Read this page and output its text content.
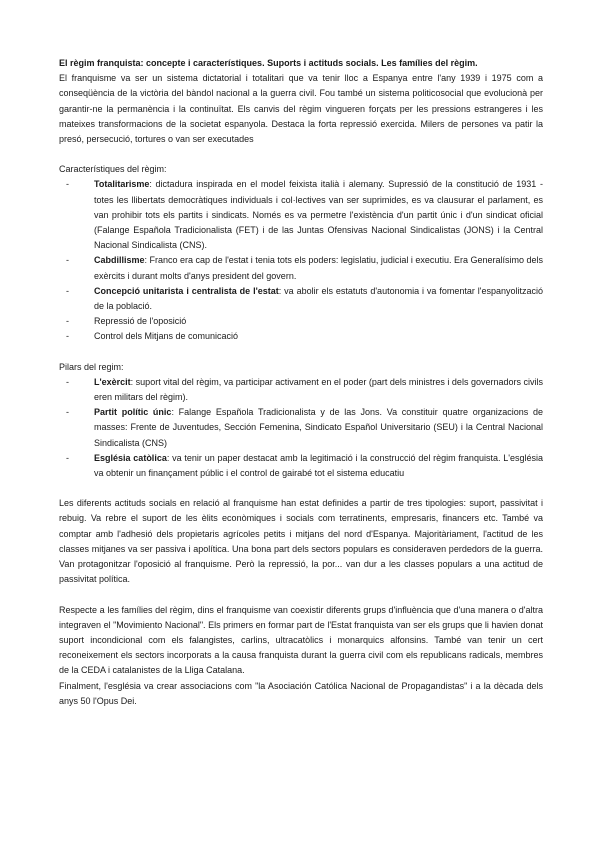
El règim franquista: concepte i característiques. Suports i actituds socials. Les famílies del règim.

El franquisme va ser un sistema dictatorial i totalitari que va tenir lloc a Espanya entre l'any 1939 i 1975 com a conseqüència de la victòria del bàndol nacional a la guerra civil. Fou també un sistema politicosocial que evolucionà per garantir-ne la permanència i la continuïtat. Els canvis del règim vingueren forçats per les pressions estrangeres i les mateixes transformacions de la societat espanyola. Destaca la forta repressió exercida. Milers de persones va patir la presó, persecució, tortures o van ser executades

Característiques del règim:

- Totalitarisme: dictadura inspirada en el model feixista italià i alemany. Supressió de la constitució de 1931 - totes les llibertats democràtiques individuals i col·lectives van ser suprimides, es va clausurar el parlament, es van prohibir tots els partits i sindicats. Només es va permetre l'existència d'un partit únic i d'un sindicat oficial (Falange Española Tradicionalista (FET) i de las Juntas Ofensivas Nacional Sindicalistas (JONS) i la Central Nacional Sindicalista (CNS).
- Cabdillisme: Franco era cap de l'estat i tenia tots els poders: legislatiu, judicial i executiu. Era Generalísimo dels exèrcits i durant molts d'anys president del govern.
- Concepció unitarista i centralista de l'estat: va abolir els estatuts d'autonomia i va fomentar l'espanyolització de la població.
- Repressió de l'oposició
- Control dels Mitjans de comunicació

Pilars del regim:

- L'exèrcit: suport vital del règim, va participar activament en el poder (part dels ministres i dels governadors civils eren militars del règim).
- Partit polític únic: Falange Española Tradicionalista y de las Jons. Va constituir quatre organizacions de masses: Frente de Juventudes, Sección Femenina, Sindicato Español Universitario (SEU) i la Central Nacional Sindicalista (CNS)
- Església catòlica: va tenir un paper destacat amb la legitimació i la construcció del règim franquista. L'església va obtenir un finançament públic i el control de gairabé tot el sistema educatiu

Les diferents actituds socials en relació al franquisme han estat definides a partir de tres tipologies: suport, passivitat i rebuig. Va rebre el suport de les èlits econòmiques i socials com terratinents, empresaris, financers etc. També va comptar amb l'adhesió dels propietaris agrícoles petits i mitjans del nord d'Espanya. Majoritàriament, l'actitud de les classes mitjanes va ser passiva i apolítica. Una bona part dels sectors populars es consideraven perdedors de la guerra. Van protagonitzar l'oposició al franquisme. Però la repressió, la por... van dur a les classes populars a una actitud de passivitat política.

Respecte a les famílies del règim, dins el franquisme van coexistir diferents grups d'influència que d'una manera o d'altra integraven el "Movimiento Nacional". Els primers en formar part de l'Estat franquista van ser els grups que li havien donat suport incondicional com els falangistes, carlins, ultracatòlics i monarquics alfonsins. També van tenir un cert reconeixement els sectors incorporats a la causa franquista durant la guerra civil com els republicans radicals, membres de la CEDA i catalanistes de la Lliga Catalana.

Finalment, l'església va crear associacions com "la Asociación Católica Nacional de Propagandistas" i a la dècada dels anys 50 l'Opus Dei.
